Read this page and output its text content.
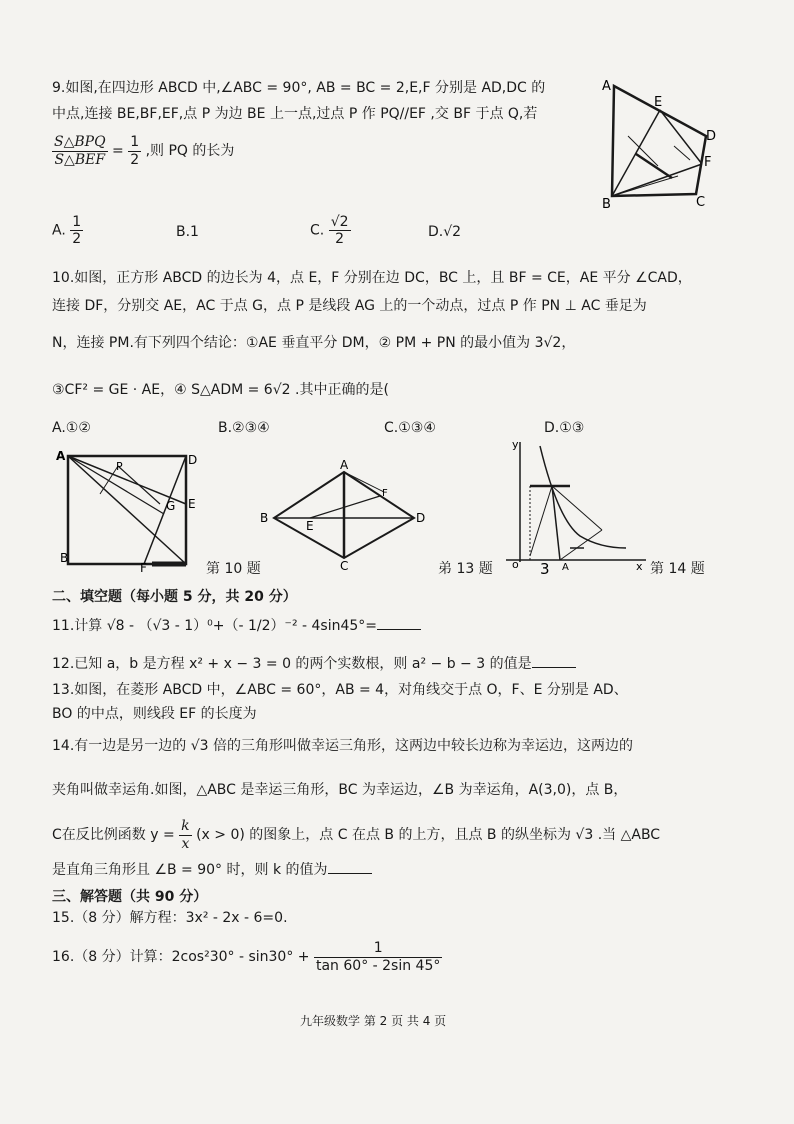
9.如图,在四边形 ABCD 中,∠ABC = 90°, AB = BC = 2,E,F 分别是 AD,DC 的
中点,连接 BE,BF,EF,点 P 为边 BE 上一点,过点 P 作 PQ//EF ,交 BF 于点 Q,若
$\frac{\text{S△BPQ}}{\text{S△BEF}} = \frac{1}{2}$ ,则 PQ 的长为
A. $\frac{1}{2}$	B.1	C. $\frac{√2}{2}$	D.√2
A
E
D
F
B	C
10.如图，正方形 ABCD 的边长为 4，点 E，F 分别在边 DC，BC 上，且 BF = CE，AE 平分 ∠CAD，
连接 DF，分别交 AE，AC 于点 G，点 P 是线段 AG 上的一个动点，过点 P 作 PN ⊥ AC 垂足为
N，连接 PM.有下列四个结论：①AE 垂直平分 DM，② PM + PN 的最小值为 3√2，
③CF² = GE · AE，④ S△ADM = 6√2 .其中正确的是(
A.①②	B.②③④	C.①③④	D.①③
A	D
P
G E
B
F	第 10 题
A
B
C
D
E
F
弟 13 题
y
x
o	A
3	第 14 题
二、填空题（每小题 5 分，共 20 分）
11.计算 √8 - （√3 - 1）⁰+（- 1/2）⁻² - 4sin45°=
12.已知 a，b 是方程 x² + x − 3 = 0 的两个实数根，则 a² − b − 3 的值是
13.如图，在菱形 ABCD 中，∠ABC = 60°，AB = 4，对角线交于点 O，F、E 分别是 AD、
BO 的中点，则线段 EF 的长度为
14.有一边是另一边的 √3 倍的三角形叫做幸运三角形，这两边中较长边称为幸运边，这两边的
夹角叫做幸运角.如图，△ABC 是幸运三角形，BC 为幸运边，∠B 为幸运角，A(3,0)，点 B，
C在反比例函数 $y = \frac{k}{x} (x > 0)$ 的图象上，点 C 在点 B 的上方，且点 B 的纵坐标为 √3 .当 △ABC
是直角三角形且 ∠B = 90° 时，则 k 的值为
三、解答题（共 90 分）
15.（8 分）解方程：3x² - 2x - 6=0.
16.（8 分）计算：$2\cos^230^\circ - \sin 30^\circ + \frac{1}{\tan 60^\circ - 2\sin 45^\circ}$
九年级数学 第 2 页 共 4 页
